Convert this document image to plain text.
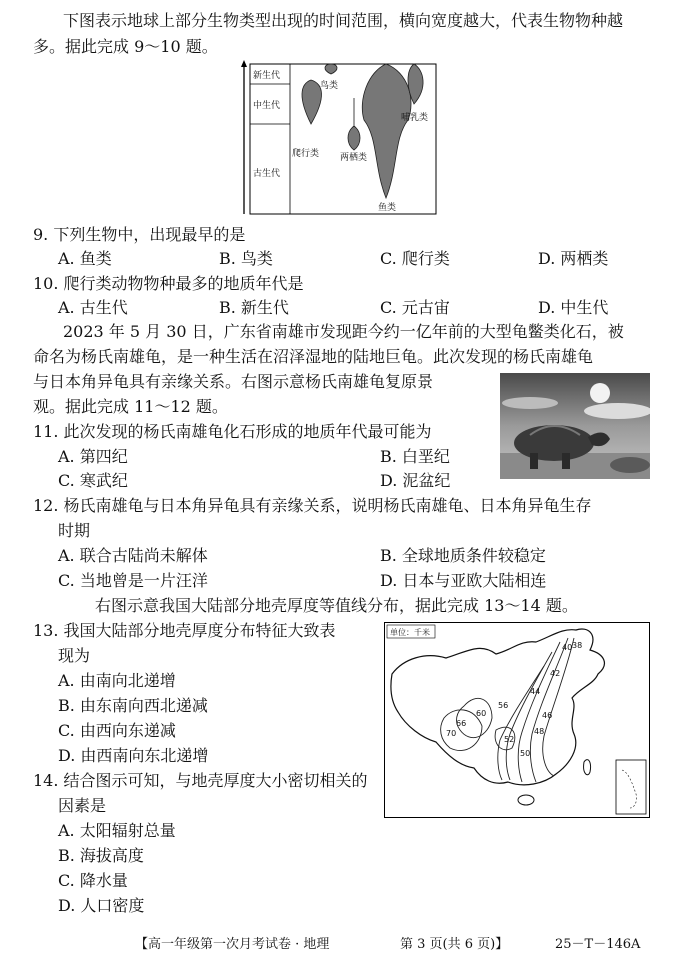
下图表示地球上部分生物类型出现的时间范围，横向宽度越大，代表生物物种越
多。据此完成 9～10 题。
新生代
中生代
古生代
鸟类
哺乳类
爬行类 两栖类
鱼类
9. 下列生物中，出现最早的是
A. 鱼类	B. 鸟类	C. 爬行类	D. 两栖类
10. 爬行类动物物种最多的地质年代是
A. 古生代	B. 新生代	C. 元古宙	D. 中生代
2023 年 5 月 30 日，广东省南雄市发现距今约一亿年前的大型龟鳖类化石，被
命名为杨氏南雄龟，是一种生活在沼泽湿地的陆地巨龟。此次发现的杨氏南雄龟
与日本角异龟具有亲缘关系。右图示意杨氏南雄龟复原景
观。据此完成 11～12 题。
11. 此次发现的杨氏南雄龟化石形成的地质年代最可能为
A. 第四纪	B. 白垩纪
C. 寒武纪	D. 泥盆纪
12. 杨氏南雄龟与日本角异龟具有亲缘关系，说明杨氏南雄龟、日本角异龟生存
时期
A. 联合古陆尚未解体	B. 全球地质条件较稳定
C. 当地曾是一片汪洋	D. 日本与亚欧大陆相连
右图示意我国大陆部分地壳厚度等值线分布，据此完成 13～14 题。
单位：千米
40 38
42
44
46
48
50
52
56
60
66
70
13. 我国大陆部分地壳厚度分布特征大致表
现为
A. 由南向北递增
B. 由东南向西北递减
C. 由西向东递减
D. 由西南向东北递增
14. 结合图示可知，与地壳厚度大小密切相关的
因素是
A. 太阳辐射总量
B. 海拔高度
C. 降水量
D. 人口密度
【高一年级第一次月考试卷 · 地理	第 3 页(共 6 页)】	25－T－146A
